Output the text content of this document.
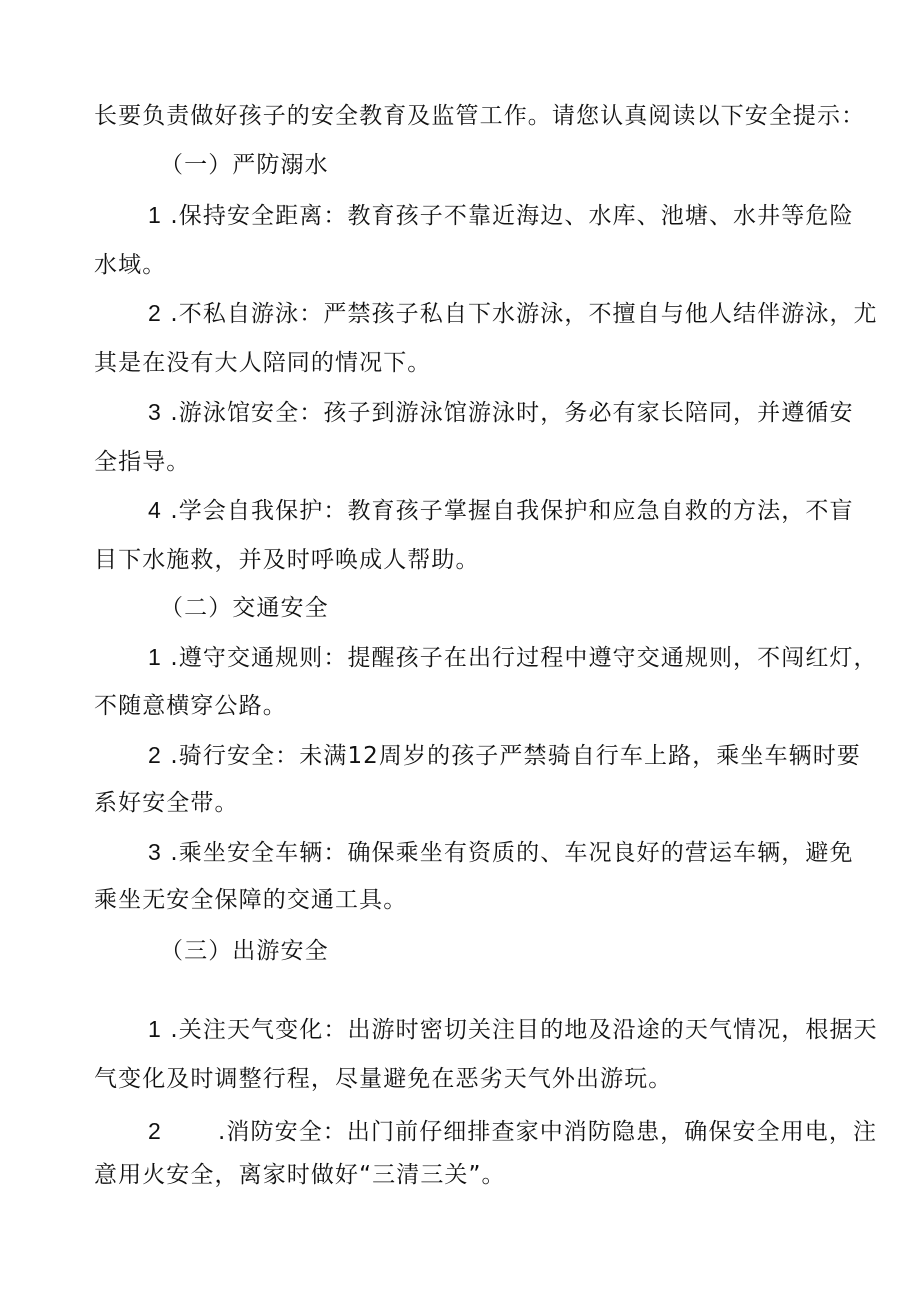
长要负责做好孩子的安全教育及监管工作。请您认真阅读以下安全提示：
（一）严防溺水
1 .保持安全距离：教育孩子不靠近海边、水库、池塘、水井等危险
水域。
2 .不私自游泳：严禁孩子私自下水游泳，不擅自与他人结伴游泳，尤
其是在没有大人陪同的情况下。
3 .游泳馆安全：孩子到游泳馆游泳时，务必有家长陪同，并遵循安
全指导。
4 .学会自我保护：教育孩子掌握自我保护和应急自救的方法，不盲
目下水施救，并及时呼唤成人帮助。
（二）交通安全
1 .遵守交通规则：提醒孩子在出行过程中遵守交通规则，不闯红灯，
不随意横穿公路。
2 .骑行安全：未满12周岁的孩子严禁骑自行车上路，乘坐车辆时要
系好安全带。
3 .乘坐安全车辆：确保乘坐有资质的、车况良好的营运车辆，避免
乘坐无安全保障的交通工具。
（三）出游安全
1 .关注天气变化：出游时密切关注目的地及沿途的天气情况，根据天
气变化及时调整行程，尽量避免在恶劣天气外出游玩。
2 .消防安全：出门前仔细排查家中消防隐患，确保安全用电，注
意用火安全，离家时做好“三清三关”。
